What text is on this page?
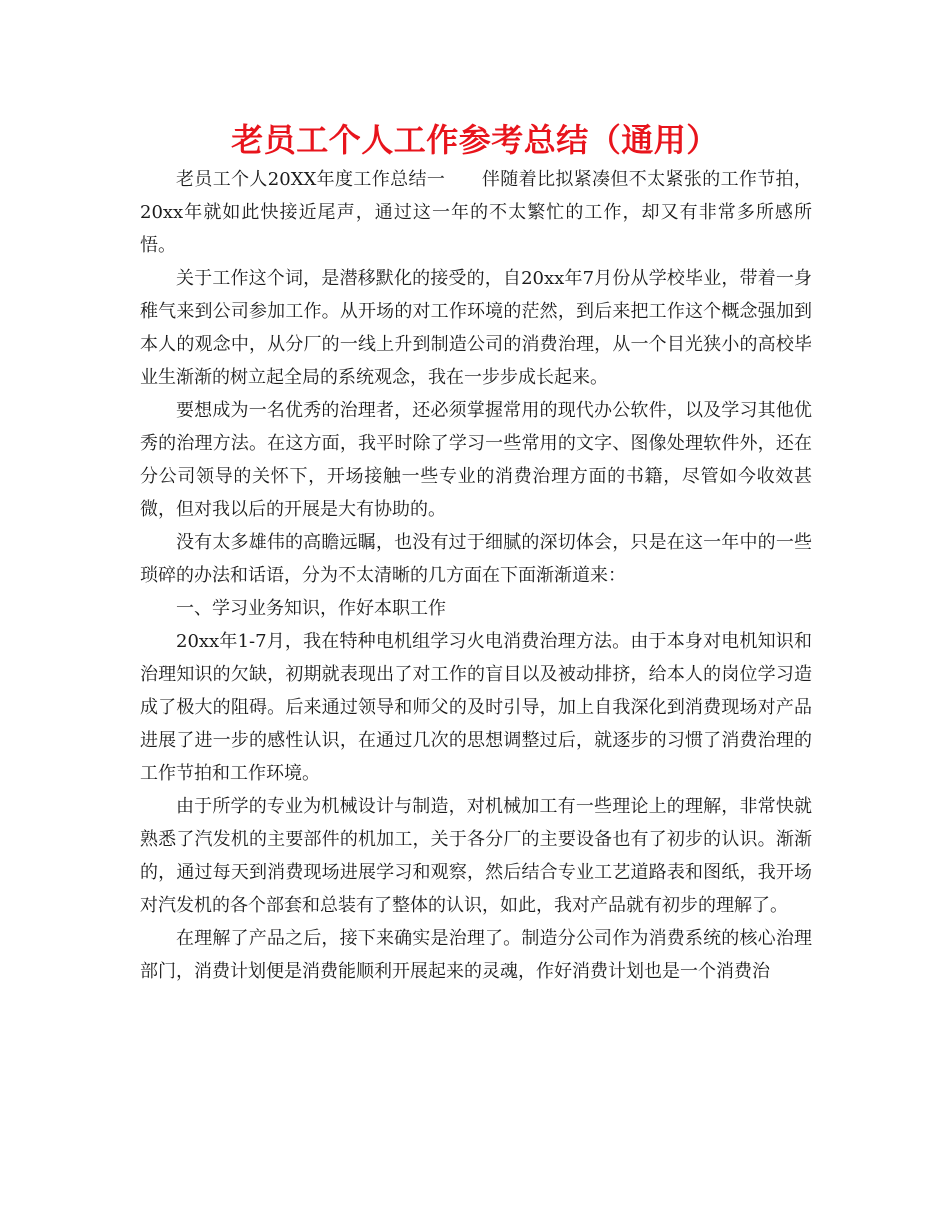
老员工个人工作参考总结（通用）

老员工个人20XX年度工作总结一　　伴随着比拟紧凑但不太紧张的工作节拍，20xx年就如此快接近尾声，通过这一年的不太繁忙的工作，却又有非常多所感所悟。

关于工作这个词，是潜移默化的接受的，自20xx年7月份从学校毕业，带着一身稚气来到公司参加工作。从开场的对工作环境的茫然，到后来把工作这个概念强加到本人的观念中，从分厂的一线上升到制造公司的消费治理，从一个目光狭小的高校毕业生渐渐的树立起全局的系统观念，我在一步步成长起来。

要想成为一名优秀的治理者，还必须掌握常用的现代办公软件，以及学习其他优秀的治理方法。在这方面，我平时除了学习一些常用的文字、图像处理软件外，还在分公司领导的关怀下，开场接触一些专业的消费治理方面的书籍，尽管如今收效甚微，但对我以后的开展是大有协助的。

没有太多雄伟的高瞻远瞩，也没有过于细腻的深切体会，只是在这一年中的一些琐碎的办法和话语，分为不太清晰的几方面在下面渐渐道来：

一、学习业务知识，作好本职工作

20xx年1-7月，我在特种电机组学习火电消费治理方法。由于本身对电机知识和治理知识的欠缺，初期就表现出了对工作的盲目以及被动排挤，给本人的岗位学习造成了极大的阻碍。后来通过领导和师父的及时引导，加上自我深化到消费现场对产品进展了进一步的感性认识，在通过几次的思想调整过后，就逐步的习惯了消费治理的工作节拍和工作环境。

由于所学的专业为机械设计与制造，对机械加工有一些理论上的理解，非常快就熟悉了汽发机的主要部件的机加工，关于各分厂的主要设备也有了初步的认识。渐渐的，通过每天到消费现场进展学习和观察，然后结合专业工艺道路表和图纸，我开场对汽发机的各个部套和总装有了整体的认识，如此，我对产品就有初步的理解了。

在理解了产品之后，接下来确实是治理了。制造分公司作为消费系统的核心治理部门，消费计划便是消费能顺利开展起来的灵魂，作好消费计划也是一个消费治
